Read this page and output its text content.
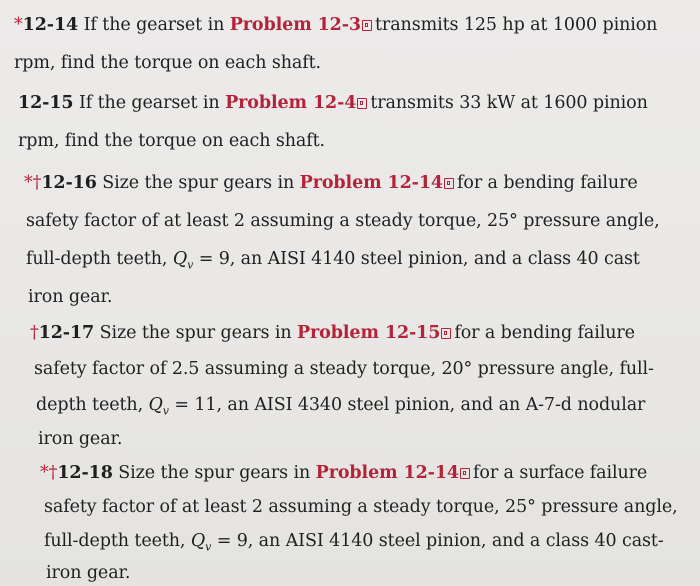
*12-14 If the gearset in Problem 12-3 transmits 125 hp at 1000 pinion
rpm, find the torque on each shaft.
12-15 If the gearset in Problem 12-4 transmits 33 kW at 1600 pinion
rpm, find the torque on each shaft.
*†12-16 Size the spur gears in Problem 12-14 for a bending failure
safety factor of at least 2 assuming a steady torque, 25° pressure angle,
full-depth teeth, $Q_v = 9$, an AISI 4140 steel pinion, and a class 40 cast
iron gear.
†12-17 Size the spur gears in Problem 12-15 for a bending failure
safety factor of 2.5 assuming a steady torque, 20° pressure angle, full-
depth teeth, $Q_v = 11$, an AISI 4340 steel pinion, and an A-7-d nodular
iron gear.
*†12-18 Size the spur gears in Problem 12-14 for a surface failure
safety factor of at least 2 assuming a steady torque, 25° pressure angle,
full-depth teeth, $Q_v = 9$, an AISI 4140 steel pinion, and a class 40 cast-
iron gear.
